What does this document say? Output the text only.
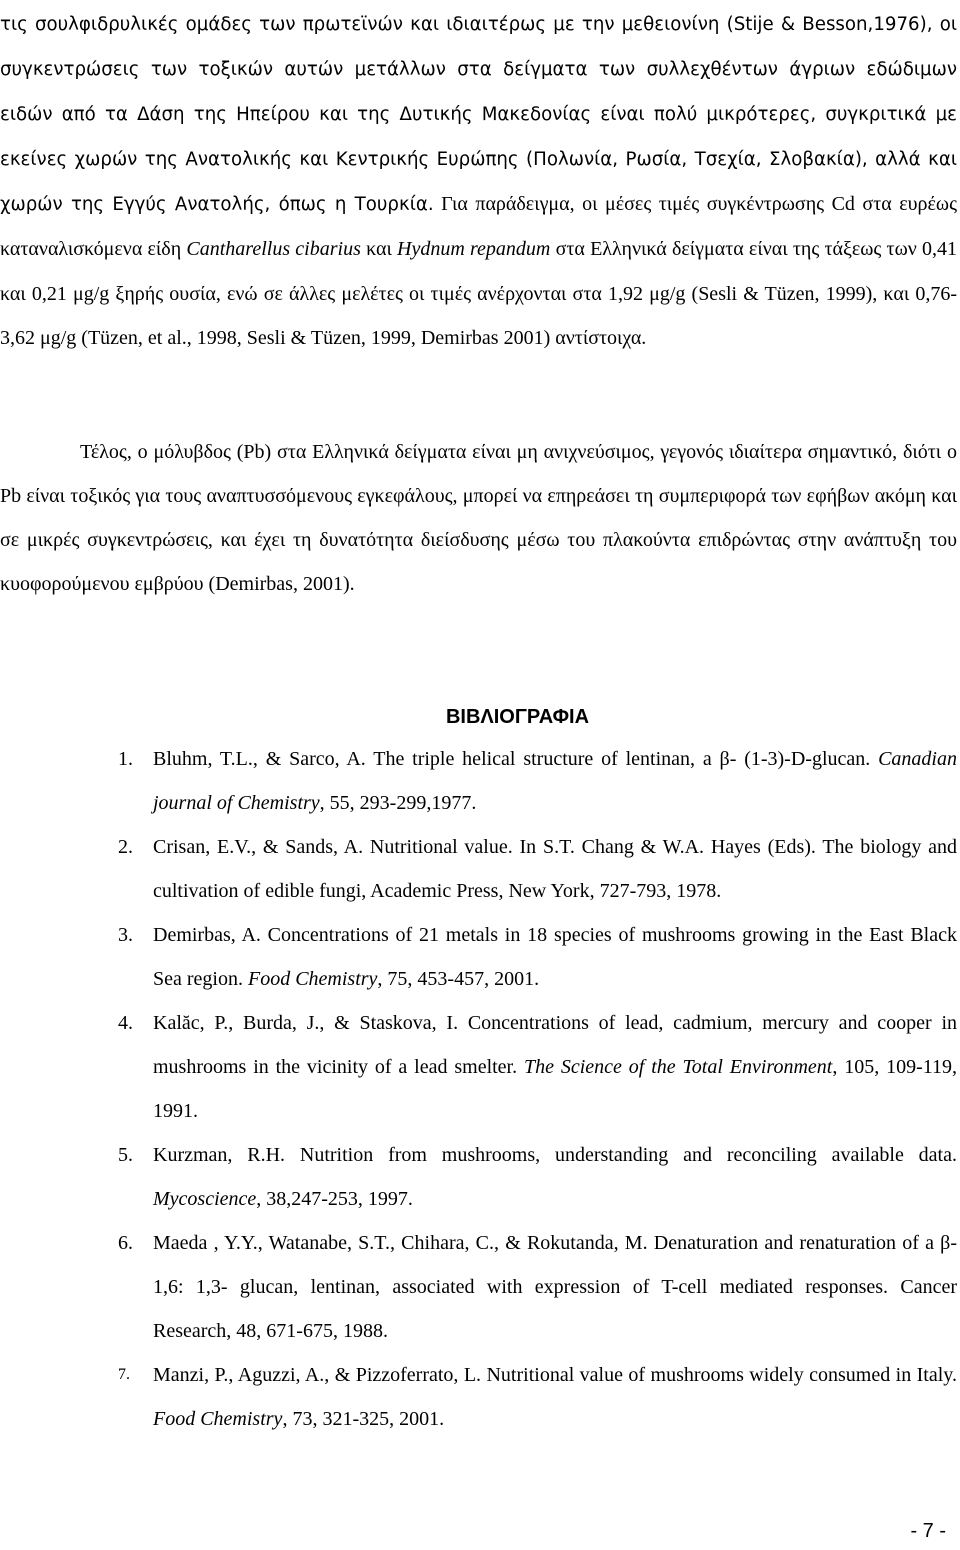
τις σουλφιδρυλικές ομάδες των πρωτεϊνών και ιδιαιτέρως με την μεθειονίνη (Stije & Besson,1976), οι συγκεντρώσεις των τοξικών αυτών μετάλλων στα δείγματα των συλλεχθέντων άγριων εδώδιμων ειδών από τα Δάση της Ηπείρου και της Δυτικής Μακεδονίας είναι πολύ μικρότερες, συγκριτικά με εκείνες χωρών της Ανατολικής και Κεντρικής Ευρώπης (Πολωνία, Ρωσία, Τσεχία, Σλοβακία), αλλά και χωρών της Εγγύς Ανατολής, όπως η Τουρκία. Για παράδειγμα, οι μέσες τιμές συγκέντρωσης Cd στα ευρέως καταναλισκόμενα είδη Cantharellus cibarius και Hydnum repandum στα Ελληνικά δείγματα είναι της τάξεως των 0,41 και 0,21 μg/g ξηρής ουσία, ενώ σε άλλες μελέτες οι τιμές ανέρχονται στα 1,92 μg/g (Sesli & Tüzen, 1999), και 0,76-3,62 μg/g (Tüzen, et al., 1998, Sesli & Tüzen, 1999, Demirbas 2001) αντίστοιχα.

Τέλος, ο μόλυβδος (Pb) στα Ελληνικά δείγματα είναι μη ανιχνεύσιμος, γεγονός ιδιαίτερα σημαντικό, διότι ο Pb είναι τοξικός για τους αναπτυσσόμενους εγκεφάλους, μπορεί να επηρεάσει τη συμπεριφορά των εφήβων ακόμη και σε μικρές συγκεντρώσεις, και έχει τη δυνατότητα διείσδυσης μέσω του πλακούντα επιδρώντας στην ανάπτυξη του κυοφορούμενου εμβρύου (Demirbas, 2001).

ΒΙΒΛΙΟΓΡΑΦΙΑ
1. Bluhm, T.L., & Sarco, A. The triple helical structure of lentinan, a β- (1-3)-D-glucan. Canadian journal of Chemistry, 55, 293-299,1977.
2. Crisan, E.V., & Sands, A. Nutritional value. In S.T. Chang & W.A. Hayes (Eds). The biology and cultivation of edible fungi, Academic Press, New York, 727-793, 1978.
3. Demirbas, A. Concentrations of 21 metals in 18 species of mushrooms growing in the East Black Sea region. Food Chemistry, 75, 453-457, 2001.
4. Kalăc, P., Burda, J., & Staskova, I. Concentrations of lead, cadmium, mercury and cooper in mushrooms in the vicinity of a lead smelter. The Science of the Total Environment, 105, 109-119, 1991.
5. Kurzman, R.H. Nutrition from mushrooms, understanding and reconciling available data. Mycoscience, 38,247-253, 1997.
6. Maeda , Y.Y., Watanabe, S.T., Chihara, C., & Rokutanda, M. Denaturation and renaturation of a β- 1,6: 1,3- glucan, lentinan, associated with expression of T-cell mediated responses. Cancer Research, 48, 671-675, 1988.
7. Manzi, P., Aguzzi, A., & Pizzoferrato, L. Nutritional value of mushrooms widely consumed in Italy. Food Chemistry, 73, 321-325, 2001.
- 7 -
